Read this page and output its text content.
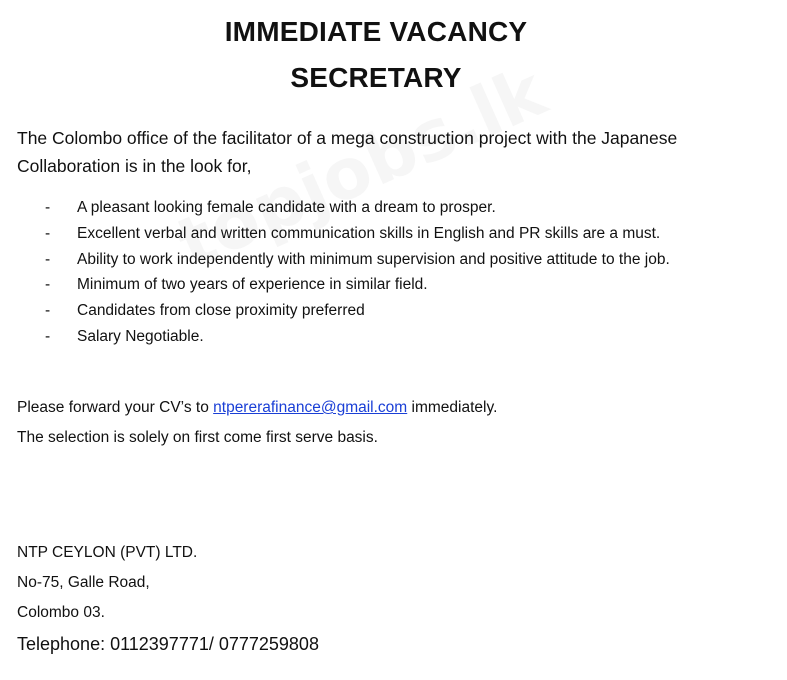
IMMEDIATE VACANCY
SECRETARY
The Colombo office of the facilitator of a mega construction project with the Japanese Collaboration is in the look for,
- A pleasant looking female candidate with a dream to prosper.
- Excellent verbal and written communication skills in English and PR skills are a must.
- Ability to work independently with minimum supervision and positive attitude to the job.
- Minimum of two years of experience in similar field.
- Candidates from close proximity preferred
- Salary Negotiable.
Please forward your CV’s to ntpererafinance@gmail.com immediately.
The selection is solely on first come first serve basis.
NTP CEYLON (PVT) LTD.
No-75, Galle Road,
Colombo 03.
Telephone: 0112397771/ 0777259808
